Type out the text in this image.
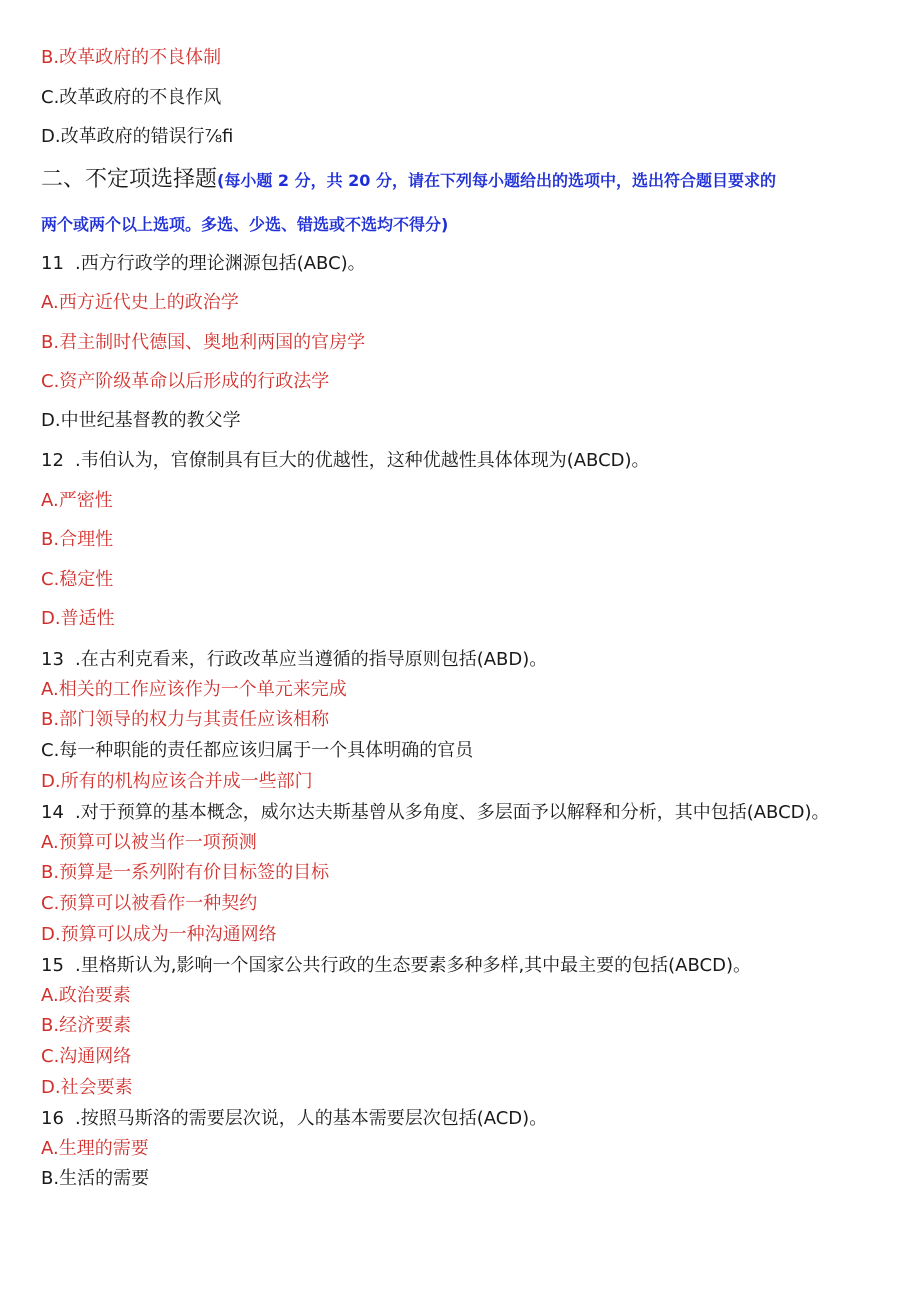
B.改革政府的不良体制
C.改革政府的不良作风
D.改革政府的错误行⅞fi
二、不定项选择题(每小题 2 分，共 20 分，请在下列每小题给出的选项中，选出符合题目要求的
两个或两个以上选项。多选、少选、错选或不选均不得分)
11 .西方行政学的理论渊源包括(ABC)。
A.西方近代史上的政治学
B.君主制时代德国、奥地利两国的官房学
C.资产阶级革命以后形成的行政法学
D.中世纪基督教的教父学
12 .韦伯认为，官僚制具有巨大的优越性，这种优越性具体体现为(ABCD)。
A.严密性
B.合理性
C.稳定性
D.普适性
13 .在古利克看来，行政改革应当遵循的指导原则包括(ABD)。
A.相关的工作应该作为一个单元来完成
B.部门领导的权力与其责任应该相称
C.每一种职能的责任都应该归属于一个具体明确的官员
D.所有的机构应该合并成一些部门
14 .对于预算的基本概念，威尔达夫斯基曾从多角度、多层面予以解释和分析，其中包括(ABCD)。
A.预算可以被当作一项预测
B.预算是一系列附有价目标签的目标
C.预算可以被看作一种契约
D.预算可以成为一种沟通网络
15 .里格斯认为,影响一个国家公共行政的生态要素多种多样,其中最主要的包括(ABCD)。
A.政治要素
B.经济要素
C.沟通网络
D.社会要素
16 .按照马斯洛的需要层次说，人的基本需要层次包括(ACD)。
A.生理的需要
B.生活的需要
